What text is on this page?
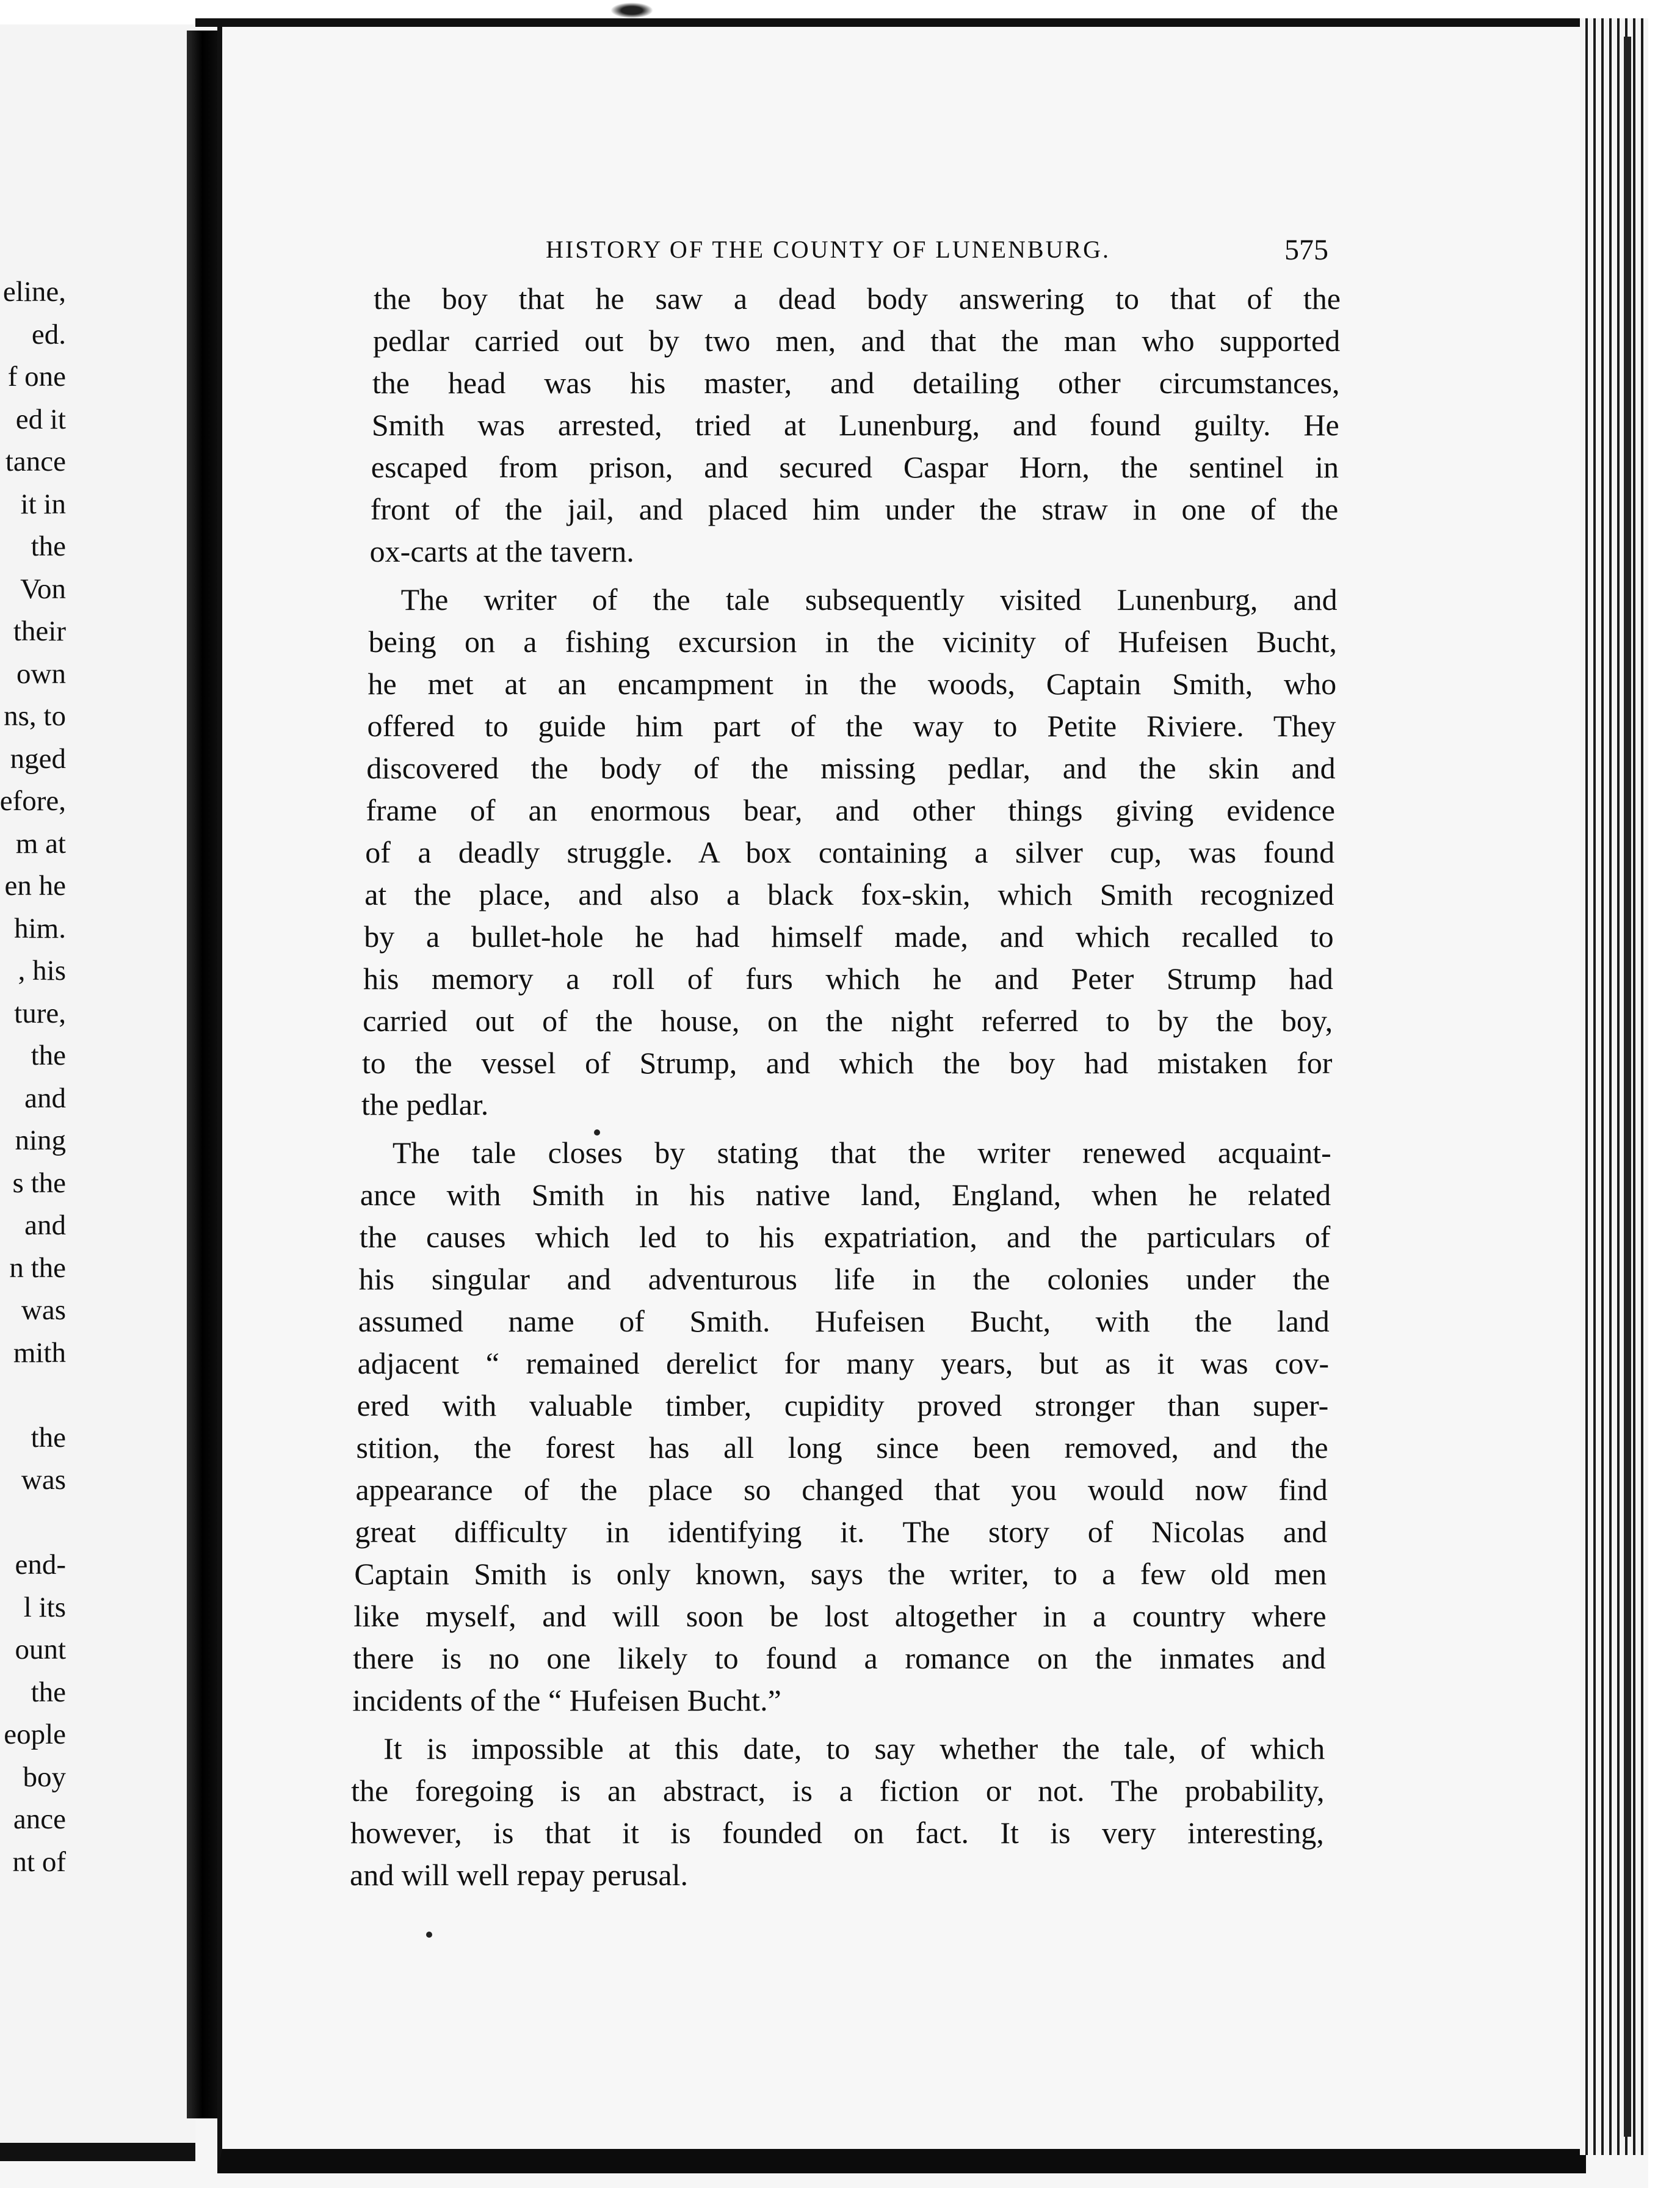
eline,
ed.
f one
ed it
tance
it in
the
Von
their
own
ns, to
nged
efore,
m at
en he
him.
, his
ture,
the
and
ning
s the
and
n the
was
mith
the
was
end-
l its
ount
the
eople
boy
ance
nt of
HISTORY OF THE COUNTY OF LUNENBURG.	575
the boy that he saw a dead body answering to that of the
pedlar carried out by two men, and that the man who supported
the head was his master, and detailing other circumstances,
Smith was arrested, tried at Lunenburg, and found guilty. He
escaped from prison, and secured Caspar Horn, the sentinel in
front of the jail, and placed him under the straw in one of the
ox-carts at the tavern.
The writer of the tale subsequently visited Lunenburg, and
being on a fishing excursion in the vicinity of Hufeisen Bucht,
he met at an encampment in the woods, Captain Smith, who
offered to guide him part of the way to Petite Riviere. They
discovered the body of the missing pedlar, and the skin and
frame of an enormous bear, and other things giving evidence
of a deadly struggle. A box containing a silver cup, was found
at the place, and also a black fox-skin, which Smith recognized
by a bullet-hole he had himself made, and which recalled to
his memory a roll of furs which he and Peter Strump had
carried out of the house, on the night referred to by the boy,
to the vessel of Strump, and which the boy had mistaken for
the pedlar.
The tale closes by stating that the writer renewed acquaint-
ance with Smith in his native land, England, when he related
the causes which led to his expatriation, and the particulars of
his singular and adventurous life in the colonies under the
assumed name of Smith. Hufeisen Bucht, with the land
adjacent “ remained derelict for many years, but as it was cov-
ered with valuable timber, cupidity proved stronger than super-
stition, the forest has all long since been removed, and the
appearance of the place so changed that you would now find
great difficulty in identifying it. The story of Nicolas and
Captain Smith is only known, says the writer, to a few old men
like myself, and will soon be lost altogether in a country where
there is no one likely to found a romance on the inmates and
incidents of the “ Hufeisen Bucht.”
It is impossible at this date, to say whether the tale, of which
the foregoing is an abstract, is a fiction or not. The probability,
however, is that it is founded on fact. It is very interesting,
and will well repay perusal.
